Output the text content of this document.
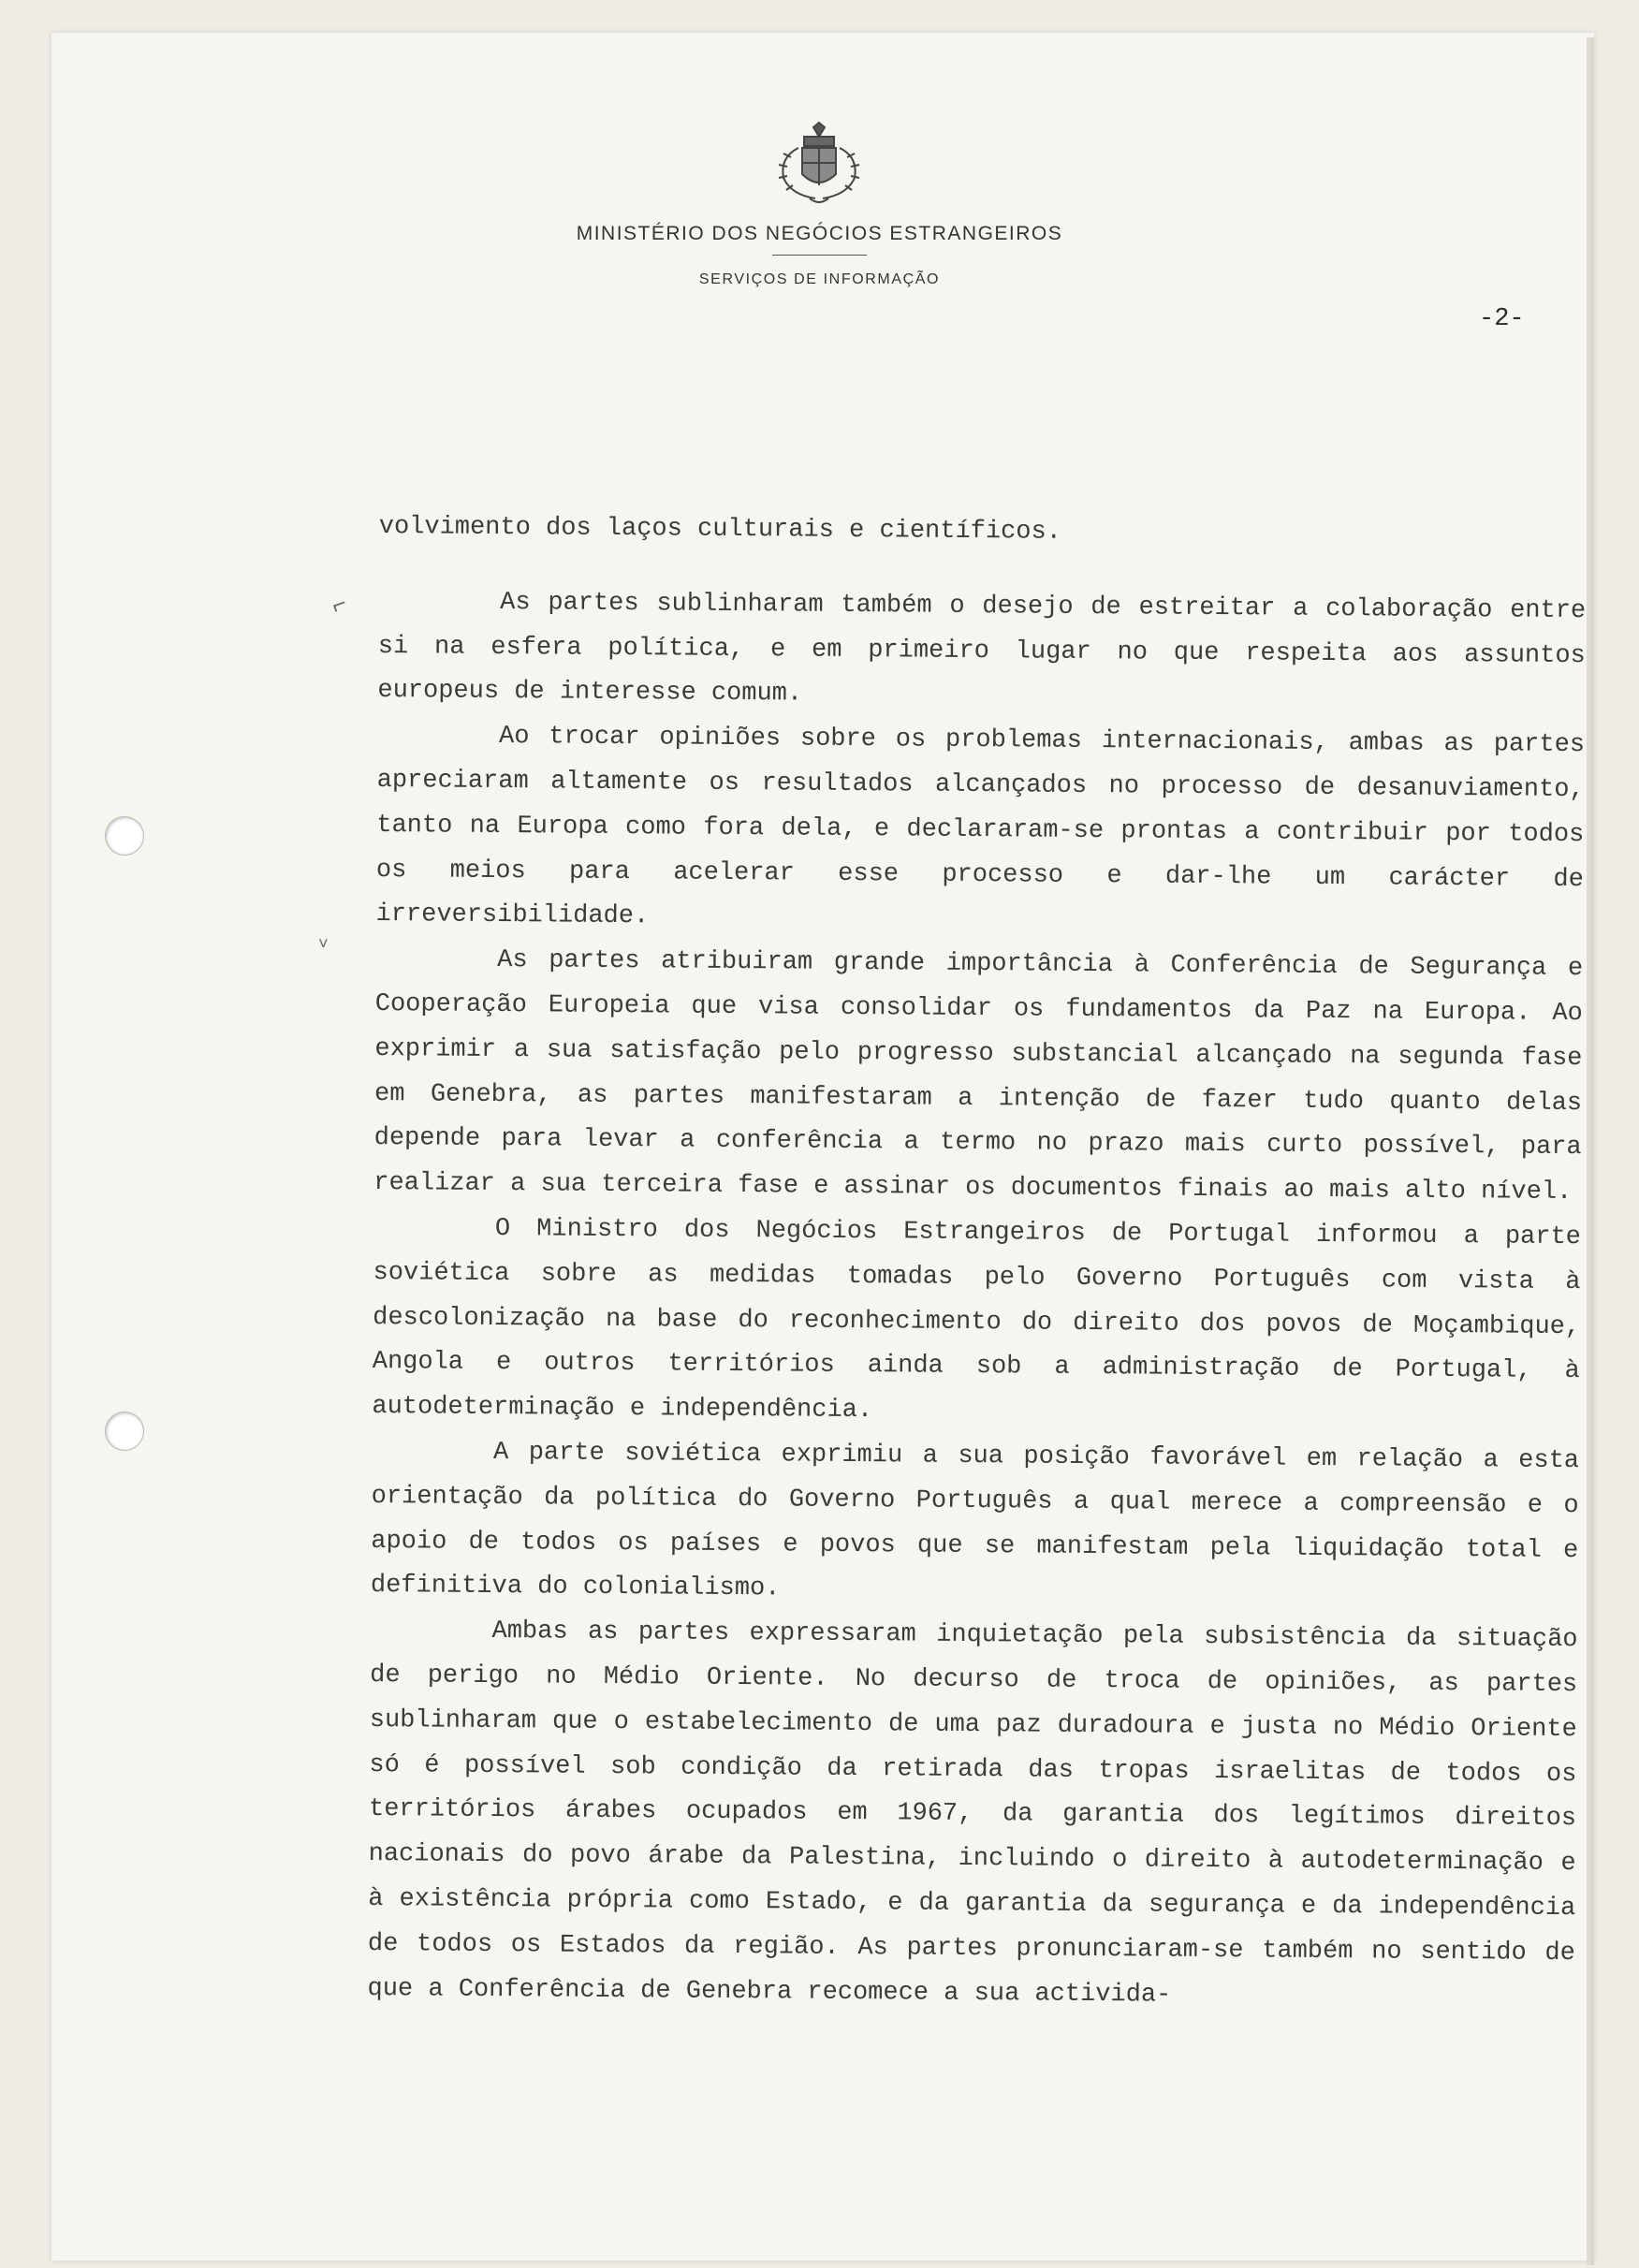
⌐
˅
MINISTÉRIO DOS NEGÓCIOS ESTRANGEIROS
SERVIÇOS DE INFORMAÇÃO
-2-

volvimento dos laços culturais e científicos.

As partes sublinharam também o desejo de estreitar a colaboração entre si na esfera política, e em primeiro lugar no que respeita aos assuntos europeus de interesse comum.

Ao trocar opiniões sobre os problemas internacionais, ambas as partes apreciaram altamente os resultados alcançados no processo de desanuviamento, tanto na Europa como fora dela, e declararam-se prontas a contribuir por todos os meios para acelerar esse processo e dar-lhe um carácter de irreversibilidade.

As partes atribuiram grande importância à Conferência de Segurança e Cooperação Europeia que visa consolidar os fundamentos da Paz na Europa. Ao exprimir a sua satisfação pelo progresso substancial alcançado na segunda fase em Genebra, as partes manifestaram a intenção de fazer tudo quanto delas depende para levar a conferência a termo no prazo mais curto possível, para realizar a sua terceira fase e assinar os documentos finais ao mais alto nível.

O Ministro dos Negócios Estrangeiros de Portugal informou a parte soviética sobre as medidas tomadas pelo Governo Português com vista à descolonização na base do reconhecimento do direito dos povos de Moçambique, Angola e outros territórios ainda sob a administração de Portugal, à autodeterminação e independência.

A parte soviética exprimiu a sua posição favorável em relação a esta orientação da política do Governo Português a qual merece a compreensão e o apoio de todos os países e povos que se manifestam pela liquidação total e definitiva do colonialismo.

Ambas as partes expressaram inquietação pela subsistência da situação de perigo no Médio Oriente. No decurso de troca de opiniões, as partes sublinharam que o estabelecimento de uma paz duradoura e justa no Médio Oriente só é possível sob condição da retirada das tropas israelitas de todos os territórios árabes ocupados em 1967, da garantia dos legítimos direitos nacionais do povo árabe da Palestina, incluindo o direito à autodeterminação e à existência própria como Estado, e da garantia da segurança e da independência de todos os Estados da região. As partes pronunciaram-se também no sentido de que a Conferência de Genebra recomece a sua activida-
